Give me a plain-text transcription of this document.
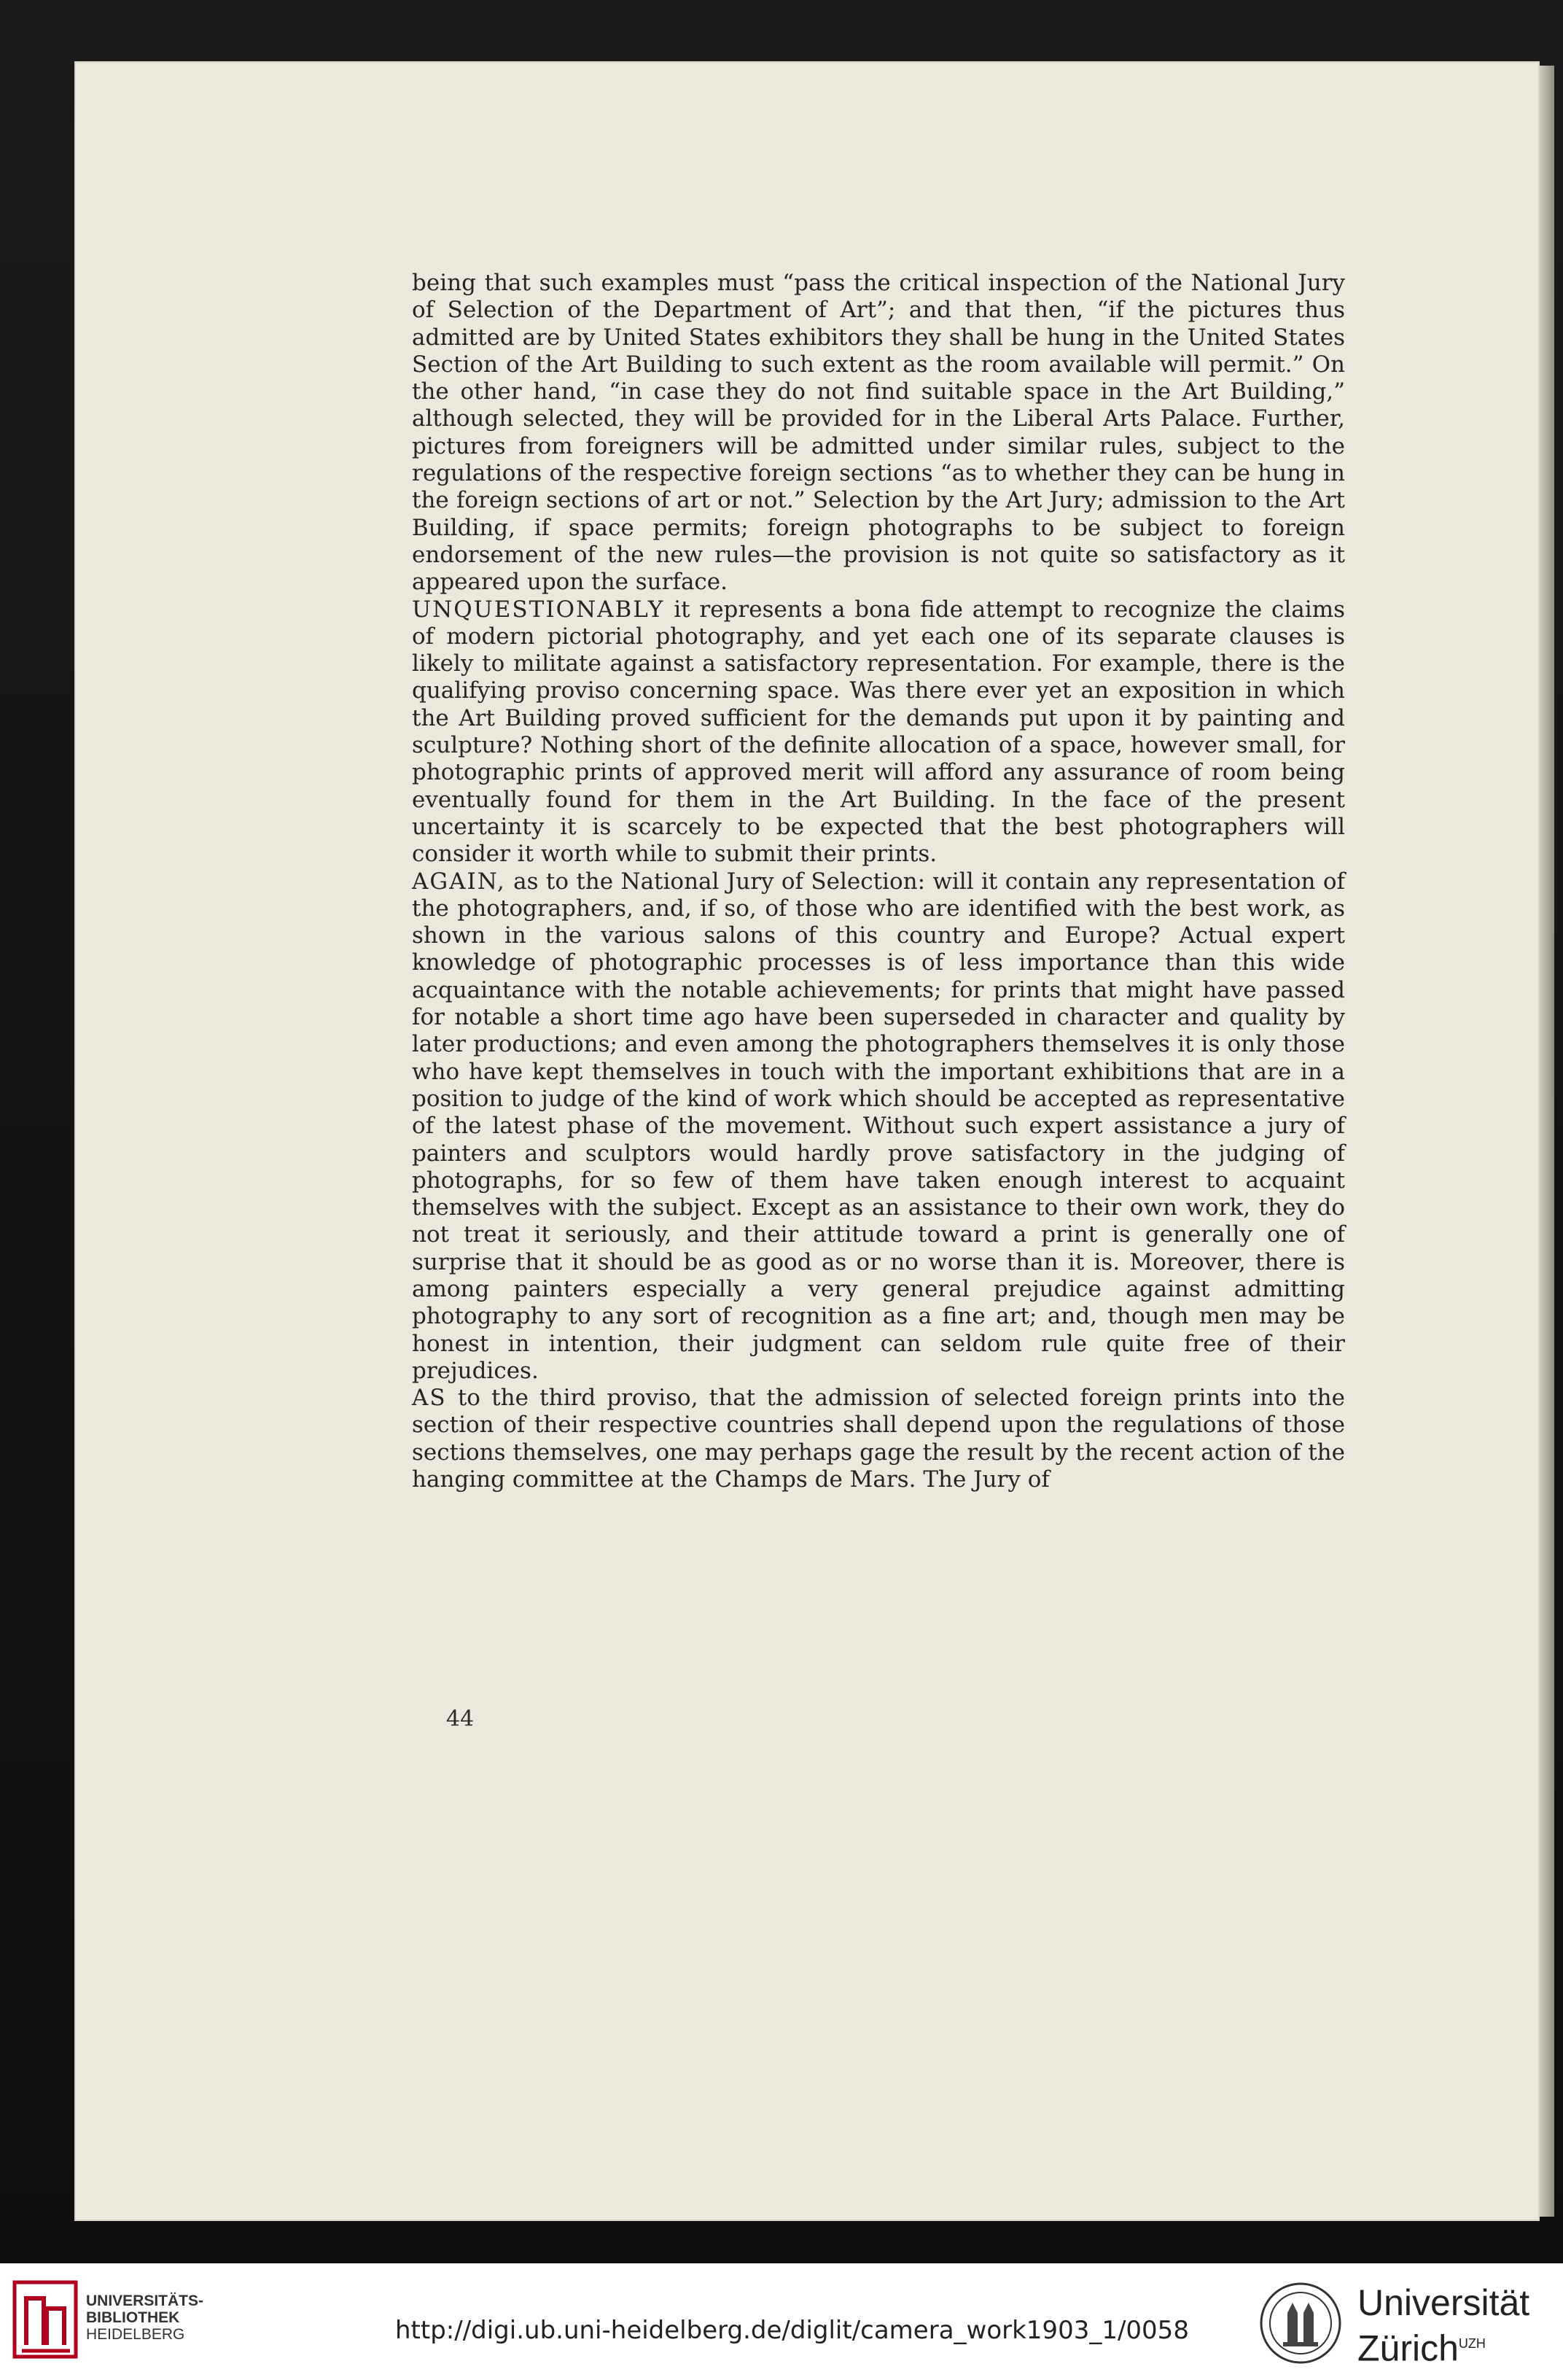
being that such examples must “pass the critical inspection of the National Jury of Selection of the Department of Art”; and that then, “if the pictures thus admitted are by United States exhibitors they shall be hung in the United States Section of the Art Building to such extent as the room available will permit.” On the other hand, “in case they do not find suitable space in the Art Building,” although selected, they will be provided for in the Liberal Arts Palace. Further, pictures from foreigners will be admitted under similar rules, subject to the regulations of the respective foreign sections “as to whether they can be hung in the foreign sections of art or not.” Selection by the Art Jury; admission to the Art Building, if space permits; foreign photographs to be subject to foreign endorsement of the new rules—the provision is not quite so satisfactory as it appeared upon the surface.

UNQUESTIONABLY it represents a bona fide attempt to recognize the claims of modern pictorial photography, and yet each one of its separate clauses is likely to militate against a satisfactory representation. For example, there is the qualifying proviso concerning space. Was there ever yet an exposition in which the Art Building proved sufficient for the demands put upon it by painting and sculpture? Nothing short of the definite allocation of a space, however small, for photographic prints of approved merit will afford any assurance of room being eventually found for them in the Art Building. In the face of the present uncertainty it is scarcely to be expected that the best photographers will consider it worth while to submit their prints.

AGAIN, as to the National Jury of Selection: will it contain any representation of the photographers, and, if so, of those who are identified with the best work, as shown in the various salons of this country and Europe? Actual expert knowledge of photographic processes is of less importance than this wide acquaintance with the notable achievements; for prints that might have passed for notable a short time ago have been superseded in character and quality by later productions; and even among the photographers themselves it is only those who have kept themselves in touch with the important exhibitions that are in a position to judge of the kind of work which should be accepted as representative of the latest phase of the movement. Without such expert assistance a jury of painters and sculptors would hardly prove satisfactory in the judging of photographs, for so few of them have taken enough interest to acquaint themselves with the subject. Except as an assistance to their own work, they do not treat it seriously, and their attitude toward a print is generally one of surprise that it should be as good as or no worse than it is. Moreover, there is among painters especially a very general prejudice against admitting photography to any sort of recognition as a fine art; and, though men may be honest in intention, their judgment can seldom rule quite free of their prejudices.

AS to the third proviso, that the admission of selected foreign prints into the section of their respective countries shall depend upon the regulations of those sections themselves, one may perhaps gage the result by the recent action of the hanging committee at the Champs de Mars. The Jury of

44
UNIVERSITÄTS-
BIBLIOTHEK
HEIDELBERG	http://digi.ub.uni-heidelberg.de/diglit/camera_work1903_1/0058
Universität
Zürich$^{UZH}$
